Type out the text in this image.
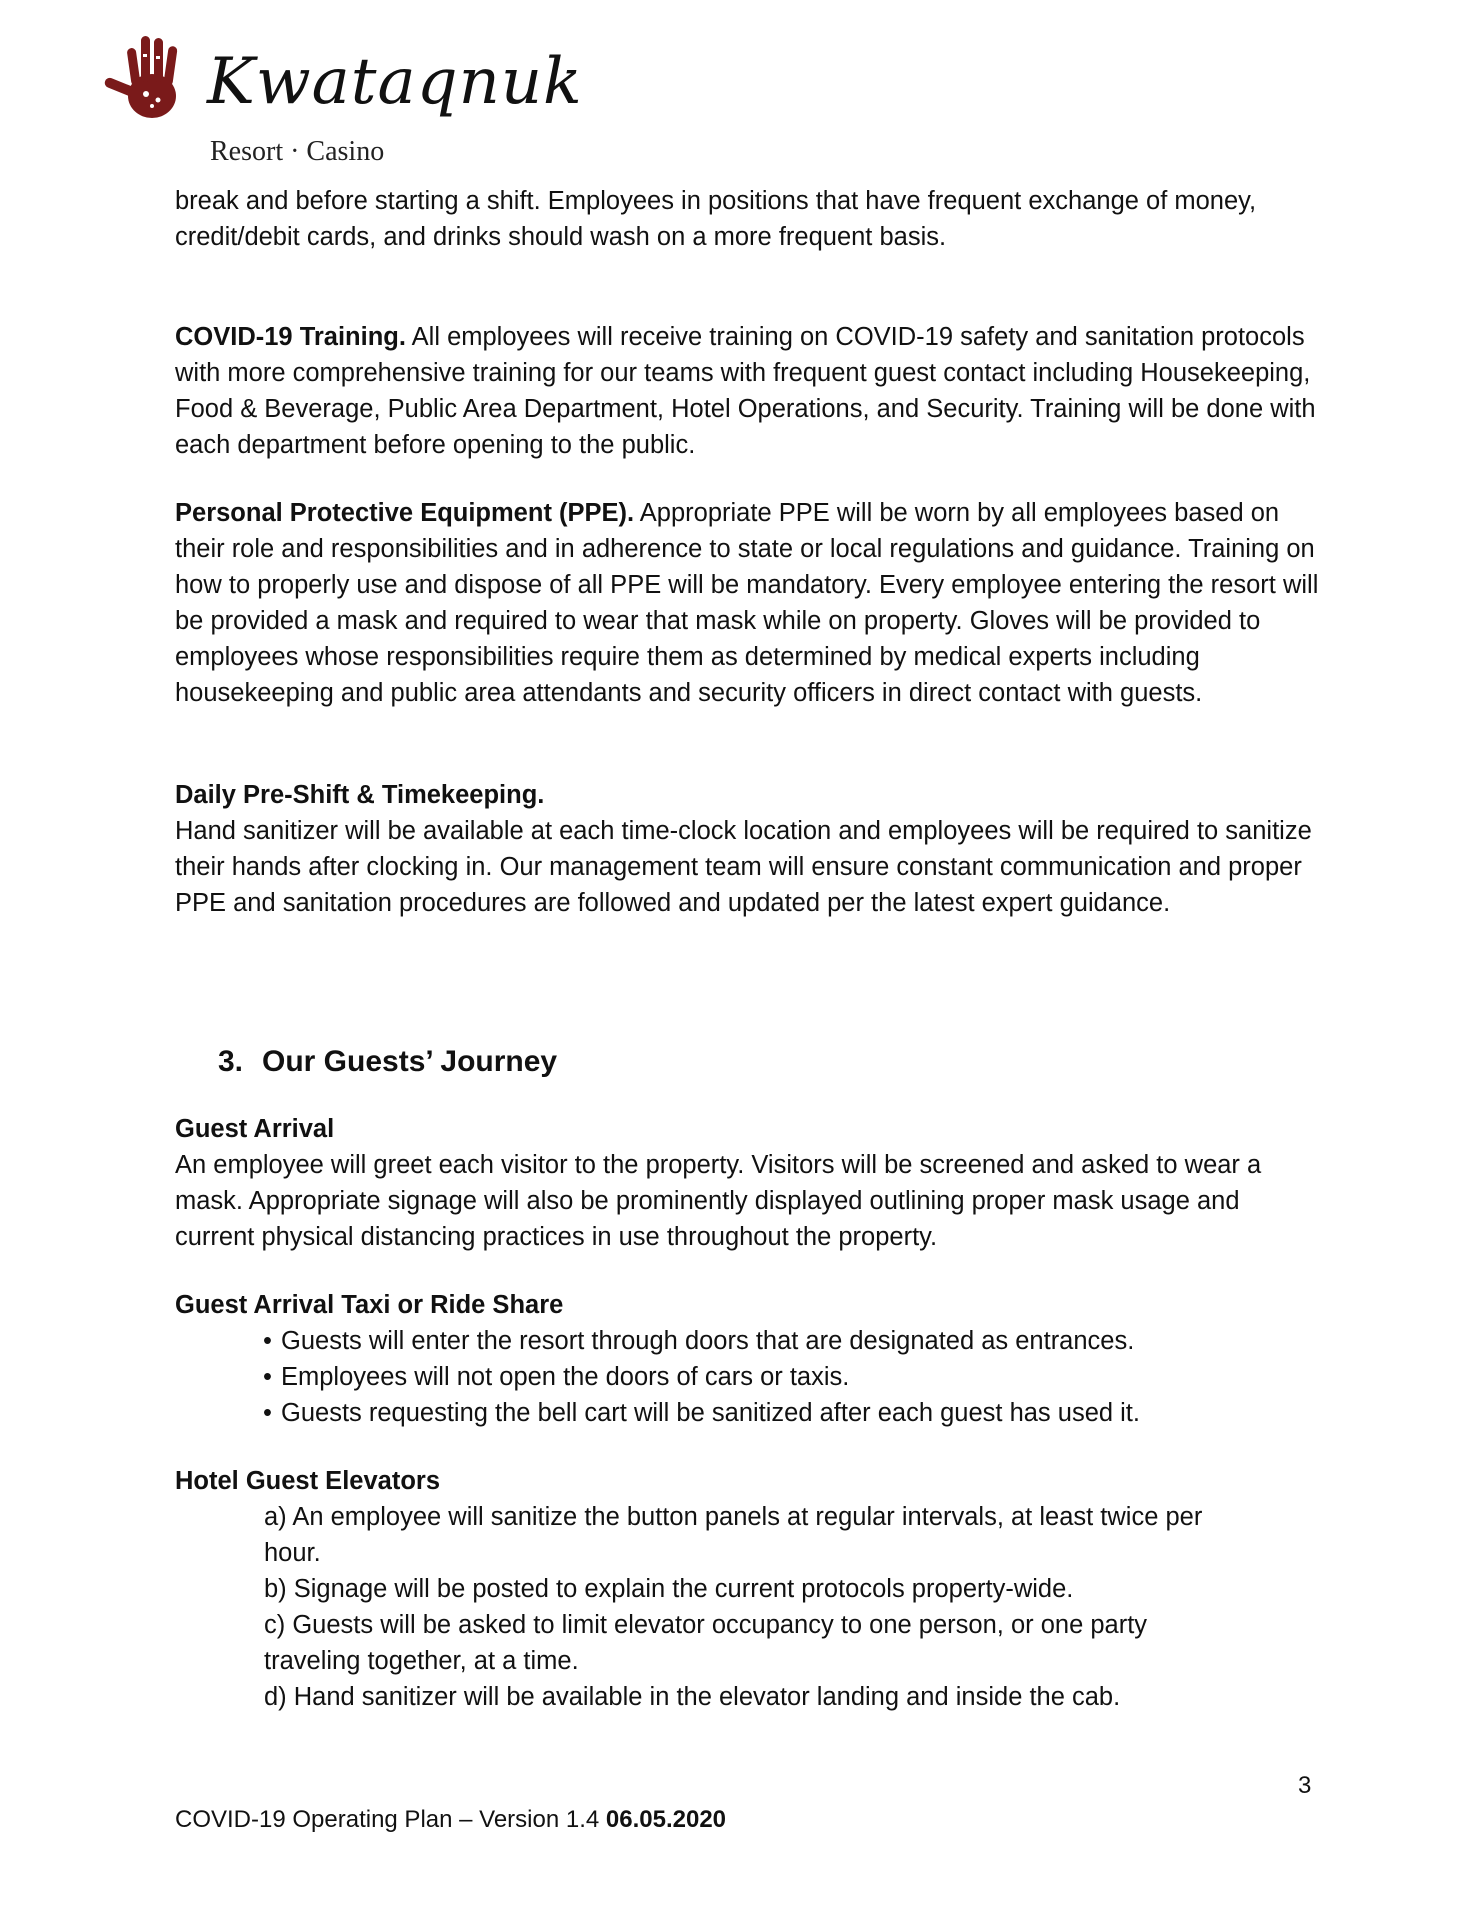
Kwataqnuk
Resort · Casino

break and before starting a shift. Employees in positions that have frequent exchange of money, credit/debit cards, and drinks should wash on a more frequent basis.

COVID-19 Training. All employees will receive training on COVID-19 safety and sanitation protocols with more comprehensive training for our teams with frequent guest contact including Housekeeping, Food & Beverage, Public Area Department, Hotel Operations, and Security. Training will be done with each department before opening to the public.

Personal Protective Equipment (PPE). Appropriate PPE will be worn by all employees based on their role and responsibilities and in adherence to state or local regulations and guidance. Training on how to properly use and dispose of all PPE will be mandatory. Every employee entering the resort will be provided a mask and required to wear that mask while on property. Gloves will be provided to employees whose responsibilities require them as determined by medical experts including housekeeping and public area attendants and security officers in direct contact with guests.

Daily Pre-Shift & Timekeeping.

Hand sanitizer will be available at each time-clock location and employees will be required to sanitize their hands after clocking in. Our management team will ensure constant communication and proper PPE and sanitation procedures are followed and updated per the latest expert guidance.

3. Our Guests’ Journey

Guest Arrival

An employee will greet each visitor to the property. Visitors will be screened and asked to wear a mask. Appropriate signage will also be prominently displayed outlining proper mask usage and current physical distancing practices in use throughout the property.

Guest Arrival Taxi or Ride Share

• Guests will enter the resort through doors that are designated as entrances.
• Employees will not open the doors of cars or taxis.
• Guests requesting the bell cart will be sanitized after each guest has used it.

Hotel Guest Elevators

a) An employee will sanitize the button panels at regular intervals, at least twice per hour.
b) Signage will be posted to explain the current protocols property-wide.
c) Guests will be asked to limit elevator occupancy to one person, or one party traveling together, at a time.
d) Hand sanitizer will be available in the elevator landing and inside the cab.
3
COVID-19 Operating Plan – Version 1.4 06.05.2020
